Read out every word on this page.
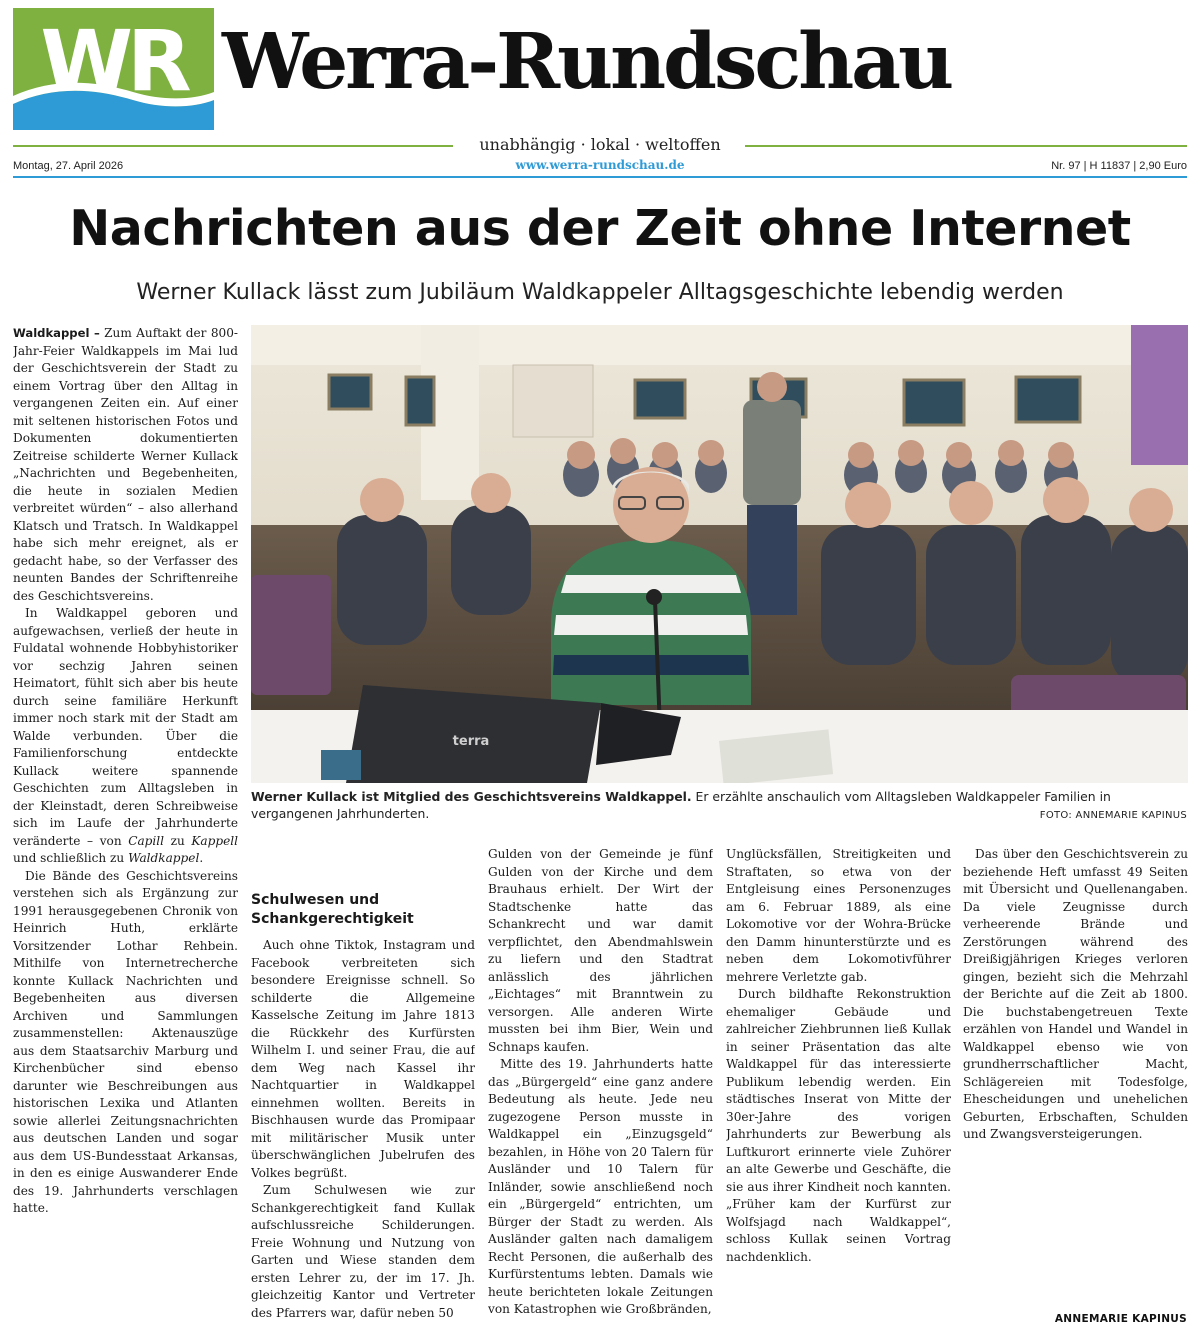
WR Werra-Rundschau
unabhängig · lokal · weltoffen
Montag, 27. April 2026	www.werra-rundschau.de	Nr. 97 | H 11837 | 2,90 Euro
Nachrichten aus der Zeit ohne Internet
Werner Kullack lässt zum Jubiläum Waldkappeler Alltagsgeschichte lebendig werden
terra
Werner Kullack ist Mitglied des Geschichtsvereins Waldkappel. Er erzählte anschaulich vom Alltagsleben Waldkappeler Familien in vergangenen Jahrhunderten.	FOTO: ANNEMARIE KAPINUS

Waldkappel – Zum Auftakt der 800-Jahr-Feier Waldkappels im Mai lud der Geschichtsverein der Stadt zu einem Vortrag über den Alltag in vergangenen Zeiten ein. Auf einer mit seltenen historischen Fotos und Dokumenten dokumentierten Zeitreise schilderte Werner Kullack „Nachrichten und Begebenheiten, die heute in sozialen Medien verbreitet würden“ – also allerhand Klatsch und Tratsch. In Waldkappel habe sich mehr ereignet, als er gedacht habe, so der Verfasser des neunten Bandes der Schriftenreihe des Geschichtsvereins.

In Waldkappel geboren und aufgewachsen, verließ der heute in Fuldatal wohnende Hobbyhistoriker vor sechzig Jahren seinen Heimatort, fühlt sich aber bis heute durch seine familiäre Herkunft immer noch stark mit der Stadt am Walde verbunden. Über die Familienforschung entdeckte Kullack weitere spannende Geschichten zum Alltagsleben in der Kleinstadt, deren Schreibweise sich im Laufe der Jahrhunderte veränderte – von Capill zu Kappell und schließlich zu Waldkappel.

Die Bände des Geschichtsvereins verstehen sich als Ergänzung zur 1991 herausgegebenen Chronik von Heinrich Huth, erklärte Vorsitzender Lothar Rehbein. Mithilfe von Internetrecherche konnte Kullack Nachrichten und Begebenheiten aus diversen Archiven und Sammlungen zusammenstellen: Aktenauszüge aus dem Staatsarchiv Marburg und Kirchenbücher sind ebenso darunter wie Beschreibungen aus historischen Lexika und Atlanten sowie allerlei Zeitungsnachrichten aus deutschen Landen und sogar aus dem US-Bundesstaat Arkansas, in den es einige Auswanderer Ende des 19. Jahrhunderts verschlagen hatte.

Schulwesen und Schankgerechtigkeit

Auch ohne Tiktok, Instagram und Facebook verbreiteten sich besondere Ereignisse schnell. So schilderte die Allgemeine Kasselsche Zeitung im Jahre 1813 die Rückkehr des Kurfürsten Wilhelm I. und seiner Frau, die auf dem Weg nach Kassel ihr Nachtquartier in Waldkappel einnehmen wollten. Bereits in Bischhausen wurde das Promipaar mit militärischer Musik unter überschwänglichen Jubelrufen des Volkes begrüßt.

Zum Schulwesen wie zur Schankgerechtigkeit fand Kullak aufschlussreiche Schilderungen. Freie Wohnung und Nutzung von Garten und Wiese standen dem ersten Lehrer zu, der im 17. Jh. gleichzeitig Kantor und Vertreter des Pfarrers war, dafür neben 50

Gulden von der Gemeinde je fünf Gulden von der Kirche und dem Brauhaus erhielt. Der Wirt der Stadtschenke hatte das Schankrecht und war damit verpflichtet, den Abendmahlswein zu liefern und den Stadtrat anlässlich des jährlichen „Eichtages“ mit Branntwein zu versorgen. Alle anderen Wirte mussten bei ihm Bier, Wein und Schnaps kaufen.

Mitte des 19. Jahrhunderts hatte das „Bürgergeld“ eine ganz andere Bedeutung als heute. Jede neu zugezogene Person musste in Waldkappel ein „Einzugsgeld“ bezahlen, in Höhe von 20 Talern für Ausländer und 10 Talern für Inländer, sowie anschließend noch ein „Bürgergeld“ entrichten, um Bürger der Stadt zu werden. Als Ausländer galten nach damaligem Recht Personen, die außerhalb des Kurfürstentums lebten. Damals wie heute berichteten lokale Zeitungen von Katastrophen wie Großbränden,

Unglücksfällen, Streitigkeiten und Straftaten, so etwa von der Entgleisung eines Personenzuges am 6. Februar 1889, als eine Lokomotive vor der Wohra-Brücke den Damm hinunterstürzte und es neben dem Lokomotivführer mehrere Verletzte gab.

Durch bildhafte Rekonstruktion ehemaliger Gebäude und zahlreicher Ziehbrunnen ließ Kullak in seiner Präsentation das alte Waldkappel für das interessierte Publikum lebendig werden. Ein städtisches Inserat von Mitte der 30er-Jahre des vorigen Jahrhunderts zur Bewerbung als Luftkurort erinnerte viele Zuhörer an alte Gewerbe und Geschäfte, die sie aus ihrer Kindheit noch kannten. „Früher kam der Kurfürst zur Wolfsjagd nach Waldkappel“, schloss Kullak seinen Vortrag nachdenklich.

Das über den Geschichtsverein zu beziehende Heft umfasst 49 Seiten mit Übersicht und Quellenangaben. Da viele Zeugnisse durch verheerende Brände und Zerstörungen während des Dreißigjährigen Krieges verloren gingen, bezieht sich die Mehrzahl der Berichte auf die Zeit ab 1800. Die buchstabengetreuen Texte erzählen von Handel und Wandel in Waldkappel ebenso wie von grundherrschaftlicher Macht, Schlägereien mit Todesfolge, Ehescheidungen und unehelichen Geburten, Erbschaften, Schulden und Zwangsversteigerungen.

ANNEMARIE KAPINUS
